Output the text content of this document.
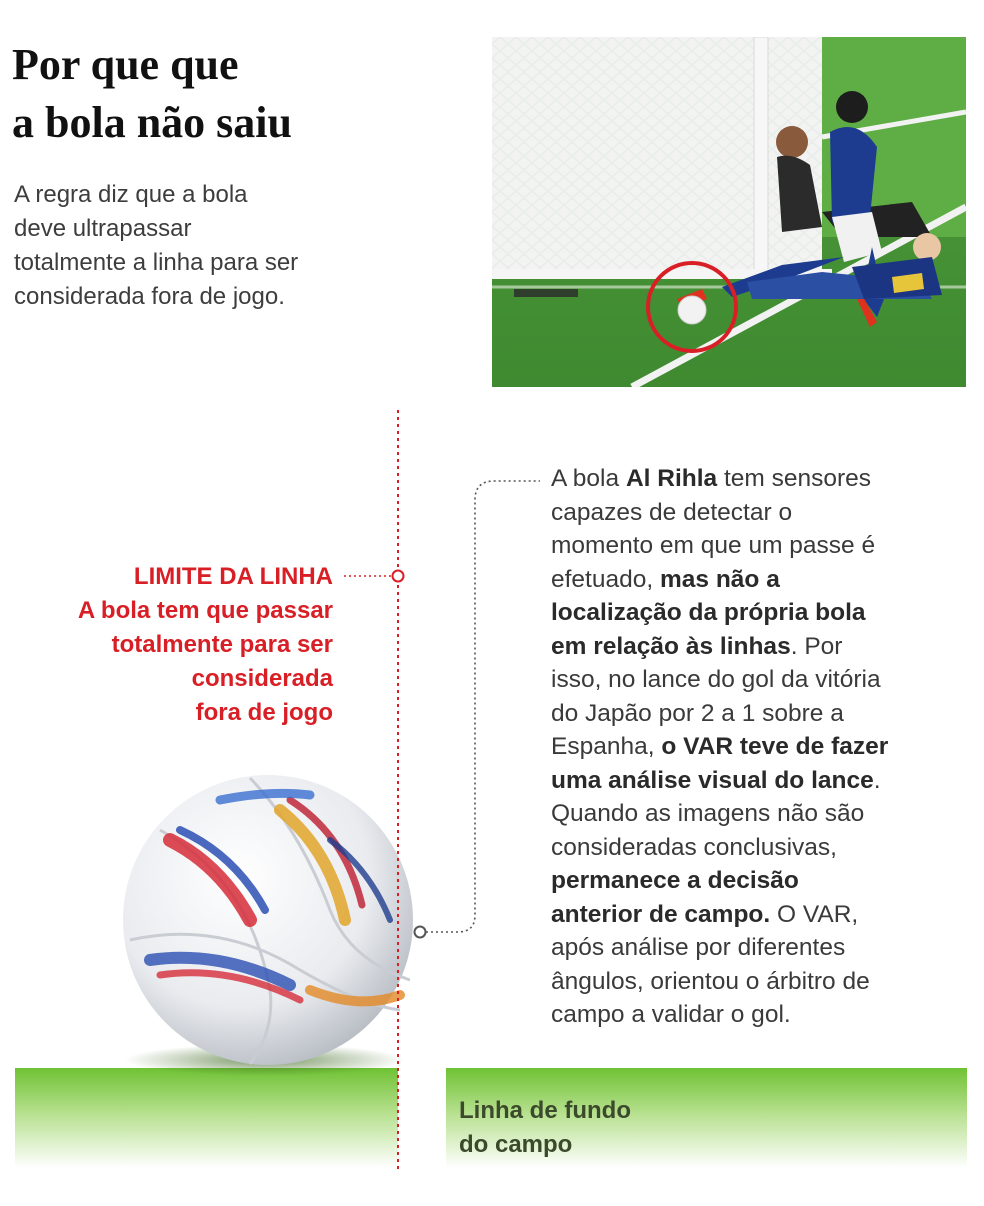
Por que que
a bola não saiu
A regra diz que a bola
deve ultrapassar
totalmente a linha para ser
considerada fora de jogo.
LIMITE DA LINHA
A bola tem que passar
totalmente para ser
considerada
fora de jogo
A bola Al Rihla tem sensores
capazes de detectar o
momento em que um passe é
efetuado, mas não a
localização da própria bola
em relação às linhas. Por
isso, no lance do gol da vitória
do Japão por 2 a 1 sobre a
Espanha, o VAR teve de fazer
uma análise visual do lance.
Quando as imagens não são
consideradas conclusivas,
permanece a decisão
anterior de campo. O VAR,
após análise por diferentes
ângulos, orientou o árbitro de
campo a validar o gol.
Linha de fundo
do campo
